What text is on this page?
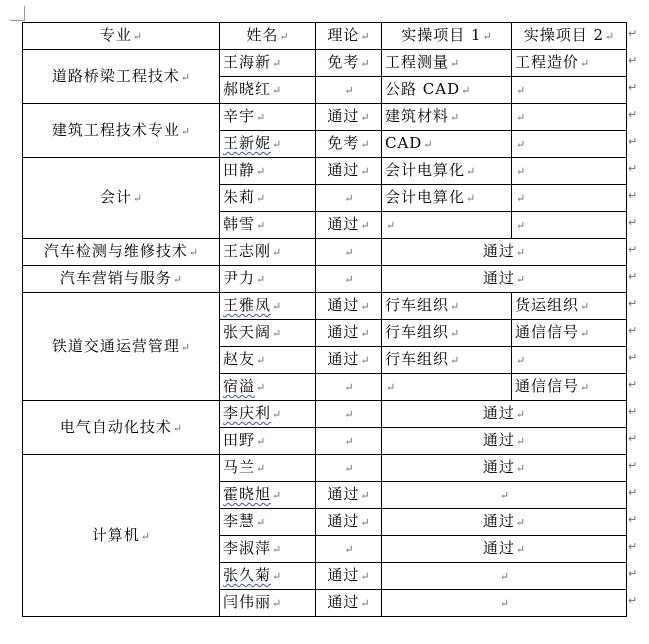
专业↵	姓名↵	理论↵	实操项目 1↵	实操项目 2↵
道路桥梁工程技术↵	王海新↵	免考↵	工程测量↵	工程造价↵
	郝晓红↵	↵	公路 CAD↵	↵
建筑工程技术专业↵	辛宇↵	通过↵	建筑材料↵	↵
	王新妮↵	免考↵	CAD↵	↵
会计↵	田静↵	通过↵	会计电算化↵	↵
	朱莉↵	↵	会计电算化↵	↵
	韩雪↵	通过↵	↵	↵
汽车检测与维修技术↵	王志刚↵	↵	通过↵	
汽车营销与服务↵	尹力↵	↵	通过↵	
铁道交通运营管理↵	王雅凤↵	通过↵	行车组织↵	货运组织↵
	张天阔↵	通过↵	行车组织↵	通信信号↵
	赵友↵	通过↵	行车组织↵	↵
	宿溢↵	↵	↵	通信信号↵
电气自动化技术↵	李庆利↵	↵	通过↵	
	田野↵	↵	通过↵	
计算机↵	马兰↵	↵	通过↵	
	霍晓旭↵	通过↵	↵	
	李慧↵	通过↵	通过↵	
	李淑萍↵	↵	通过↵	
	张久菊↵	通过↵	↵	
	闫伟丽↵	通过↵	↵	
↵
↵
↵
↵
↵
↵
↵
↵
↵
↵
↵
↵
↵
↵
↵
↵
↵
↵
↵
↵
↵
↵
